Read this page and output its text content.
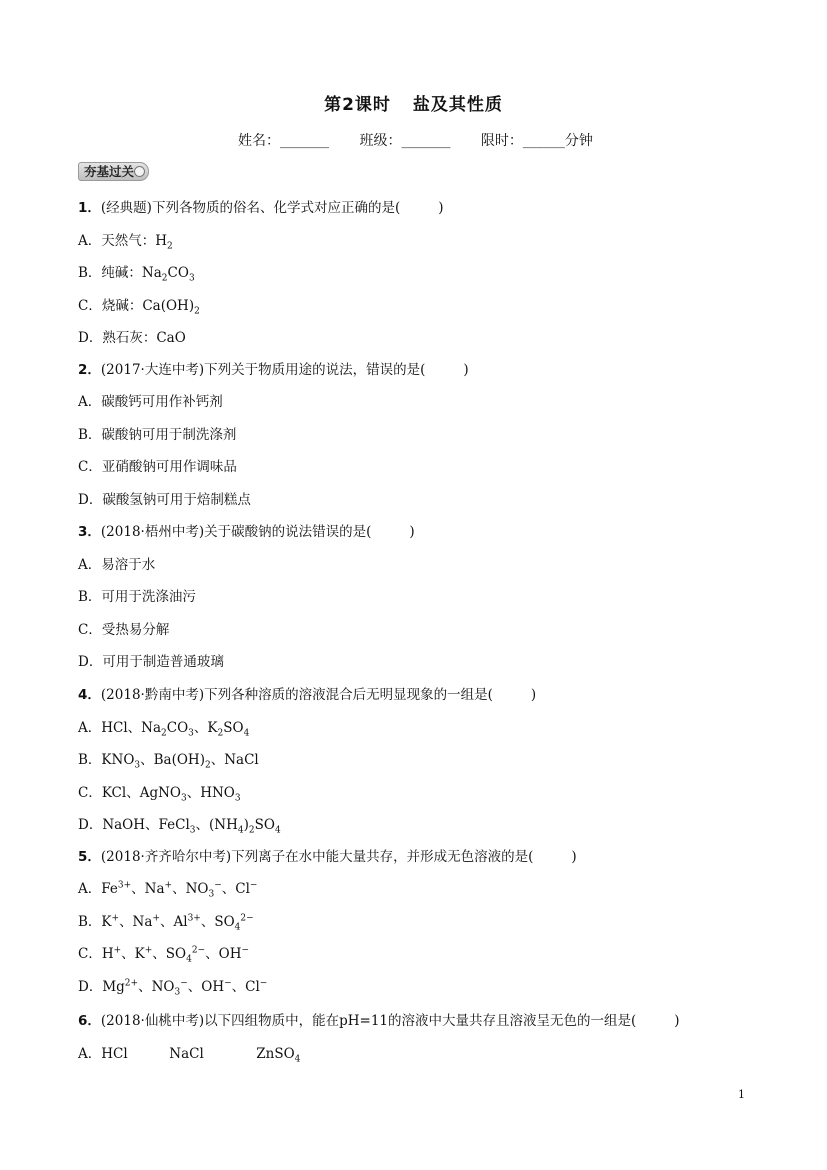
第2课时 盐及其性质
姓名：_______ 班级：_______ 限时：______分钟
夯基过关
1．(经典题)下列各物质的俗名、化学式对应正确的是(	)
A．天然气：$H_2$
B．纯碱：$Na_2CO_3$
C．烧碱：$Ca(OH)_2$
D．熟石灰：CaO
2．(2017·大连中考)下列关于物质用途的说法，错误的是(	)
A．碳酸钙可用作补钙剂
B．碳酸钠可用于制洗涤剂
C．亚硝酸钠可用作调味品
D．碳酸氢钠可用于焙制糕点
3．(2018·梧州中考)关于碳酸钠的说法错误的是(	)
A．易溶于水
B．可用于洗涤油污
C．受热易分解
D．可用于制造普通玻璃
4．(2018·黔南中考)下列各种溶质的溶液混合后无明显现象的一组是(	)
A．HCl、$Na_2CO_3$、$K_2SO_4$
B．$KNO_3$、$Ba(OH)_2$、NaCl
C．KCl、AgNO$_3$、$HNO_3$
D．NaOH、FeCl$_3$、$(NH_4)_2SO_4$
5．(2018·齐齐哈尔中考)下列离子在水中能大量共存，并形成无色溶液的是(	)
A．$Fe^{3+}$、Na+、$NO_3^-$、Cl−
B．K+、Na+、$Al^{3+}$、$SO_4^{2-}$
C．H+、K+、$SO_4^{2-}$、OH−
D．$Mg^{2+}$、$NO_3^-$、OH−、Cl−
6．(2018·仙桃中考)以下四组物质中，能在pH=11的溶液中大量共存且溶液呈无色的一组是(	)
A．HCl	NaCl	ZnSO$_4$
1
